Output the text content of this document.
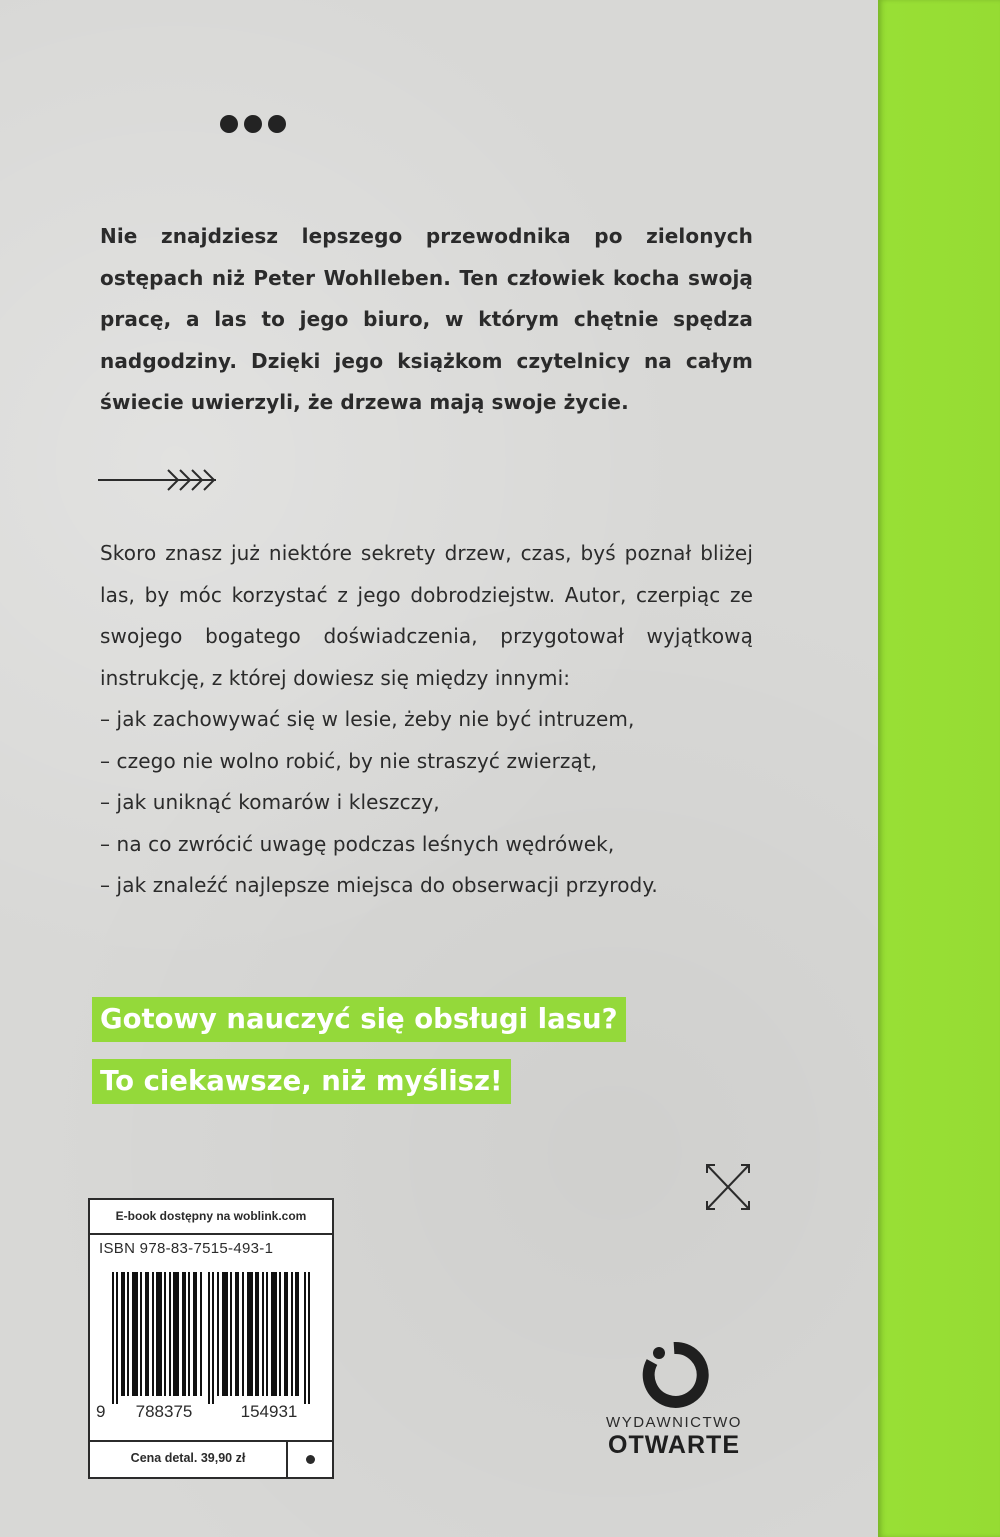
Nie znajdziesz lepszego przewodnika po zielonych ostępach niż Peter Wohlleben. Ten człowiek kocha swoją pracę, a las to jego biuro, w którym chętnie spędza nadgodziny. Dzięki jego książkom czytelnicy na całym świecie uwierzyli, że drzewa mają swoje życie.
Skoro znasz już niektóre sekrety drzew, czas, byś poznał bliżej las, by móc korzystać z jego dobrodziejstw. Autor, czerpiąc ze swojego bogatego doświadczenia, przygotował wyjątkową instrukcję, z której dowiesz się między innymi:
– jak zachowywać się w lesie, żeby nie być intruzem,
– czego nie wolno robić, by nie straszyć zwierząt,
– jak uniknąć komarów i kleszczy,
– na co zwrócić uwagę podczas leśnych wędrówek,
– jak znaleźć najlepsze miejsca do obserwacji przyrody.
Gotowy nauczyć się obsługi lasu?
To ciekawsze, niż myślisz!
E-book dostępny na woblink.com
ISBN 978-83-7515-493-1
9	788375	154931
Cena detal. 39,90 zł
WYDAWNICTWO
OTWARTE
